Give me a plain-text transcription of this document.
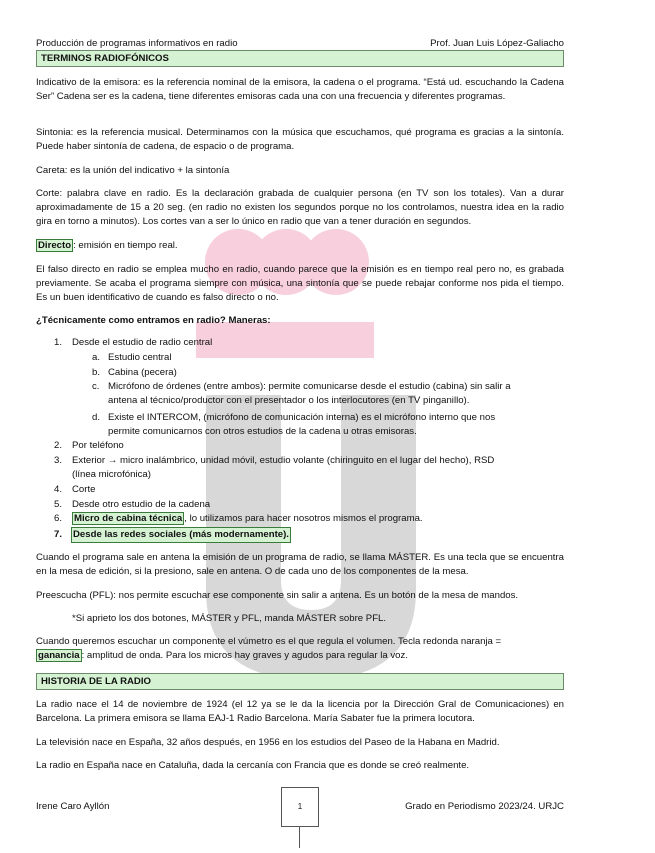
Producción de programas informativos en radio	Prof. Juan Luis López-Galiacho
TERMINOS RADIOFÓNICOS

Indicativo de la emisora: es la referencia nominal de la emisora, la cadena o el programa. “Está ud. escuchando la Cadena Ser” Cadena ser es la cadena, tiene diferentes emisoras cada una con una frecuencia y diferentes programas.

Sintonia: es la referencia musical. Determinamos con la música que escuchamos, qué programa es gracias a la sintonía. Puede haber sintonía de cadena, de espacio o de programa.

Careta: es la unión del indicativo + la sintonía

Corte: palabra clave en radio. Es la declaración grabada de cualquier persona (en TV son los totales). Van a durar aproximadamente de 15 a 20 seg. (en radio no existen los segundos porque no los controlamos, nuestra idea en la radio gira en torno a minutos). Los cortes van a ser lo único en radio que van a tener duración en segundos.

Directo : emisión en tiempo real.

El falso directo en radio se emplea mucho en radio, cuando parece que la emisión es en tiempo real pero no, es grabada previamente. Se acaba el programa siempre con música, una sintonía que se puede rebajar conforme nos pida el tiempo. Es un buen identificativo de cuando es falso directo o no.

¿Técnicamente como entramos en radio? Maneras:

1. Desde el estudio de radio central
a. Estudio central
b. Cabina (pecera)
c. Micrófono de órdenes (entre ambos): permite comunicarse desde el estudio (cabina) sin salir a
antena al técnico/productor con el presentador o los interlocutores (en TV pinganillo).
d. Existe el INTERCOM, (micrófono de comunicación interna) es el micrófono interno que nos
permite comunicarnos con otros estudios de la cadena u otras emisoras.
2. Por teléfono
3. Exterior → micro inalámbrico, unidad móvil, estudio volante (chiringuito en el lugar del hecho), RSD
(línea microfónica)
4. Corte
5. Desde otro estudio de la cadena
6. Micro de cabina técnica , lo utilizamos para hacer nosotros mismos el programa.
7. Desde las redes sociales (más modernamente).

Cuando el programa sale en antena la emisión de un programa de radio, se llama MÁSTER. Es una tecla que se encuentra en la mesa de edición, si la presiono, sale en antena. O de cada uno de los componentes de la mesa.

Preescucha (PFL): nos permite escuchar ese componente sin salir a antena. Es un botón de la mesa de mandos.

*Si aprieto los dos botones, MÁSTER y PFL, manda MÁSTER sobre PFL.

Cuando queremos escuchar un componente el vúmetro es el que regula el volumen. Tecla redonda naranja =
ganancia : amplitud de onda. Para los micros hay graves y agudos para regular la voz.

HISTORIA DE LA RADIO

La radio nace el 14 de noviembre de 1924 (el 12 ya se le da la licencia por la Dirección Gral de Comunicaciones) en Barcelona. La primera emisora se llama EAJ-1 Radio Barcelona. María Sabater fue la primera locutora.

La televisión nace en España, 32 años después, en 1956 en los estudios del Paseo de la Habana en Madrid.

La radio en España nace en Cataluña, dada la cercanía con Francia que es donde se creó realmente.

Irene Caro Ayllón	Grado en Periodismo 2023/24. URJC
1
